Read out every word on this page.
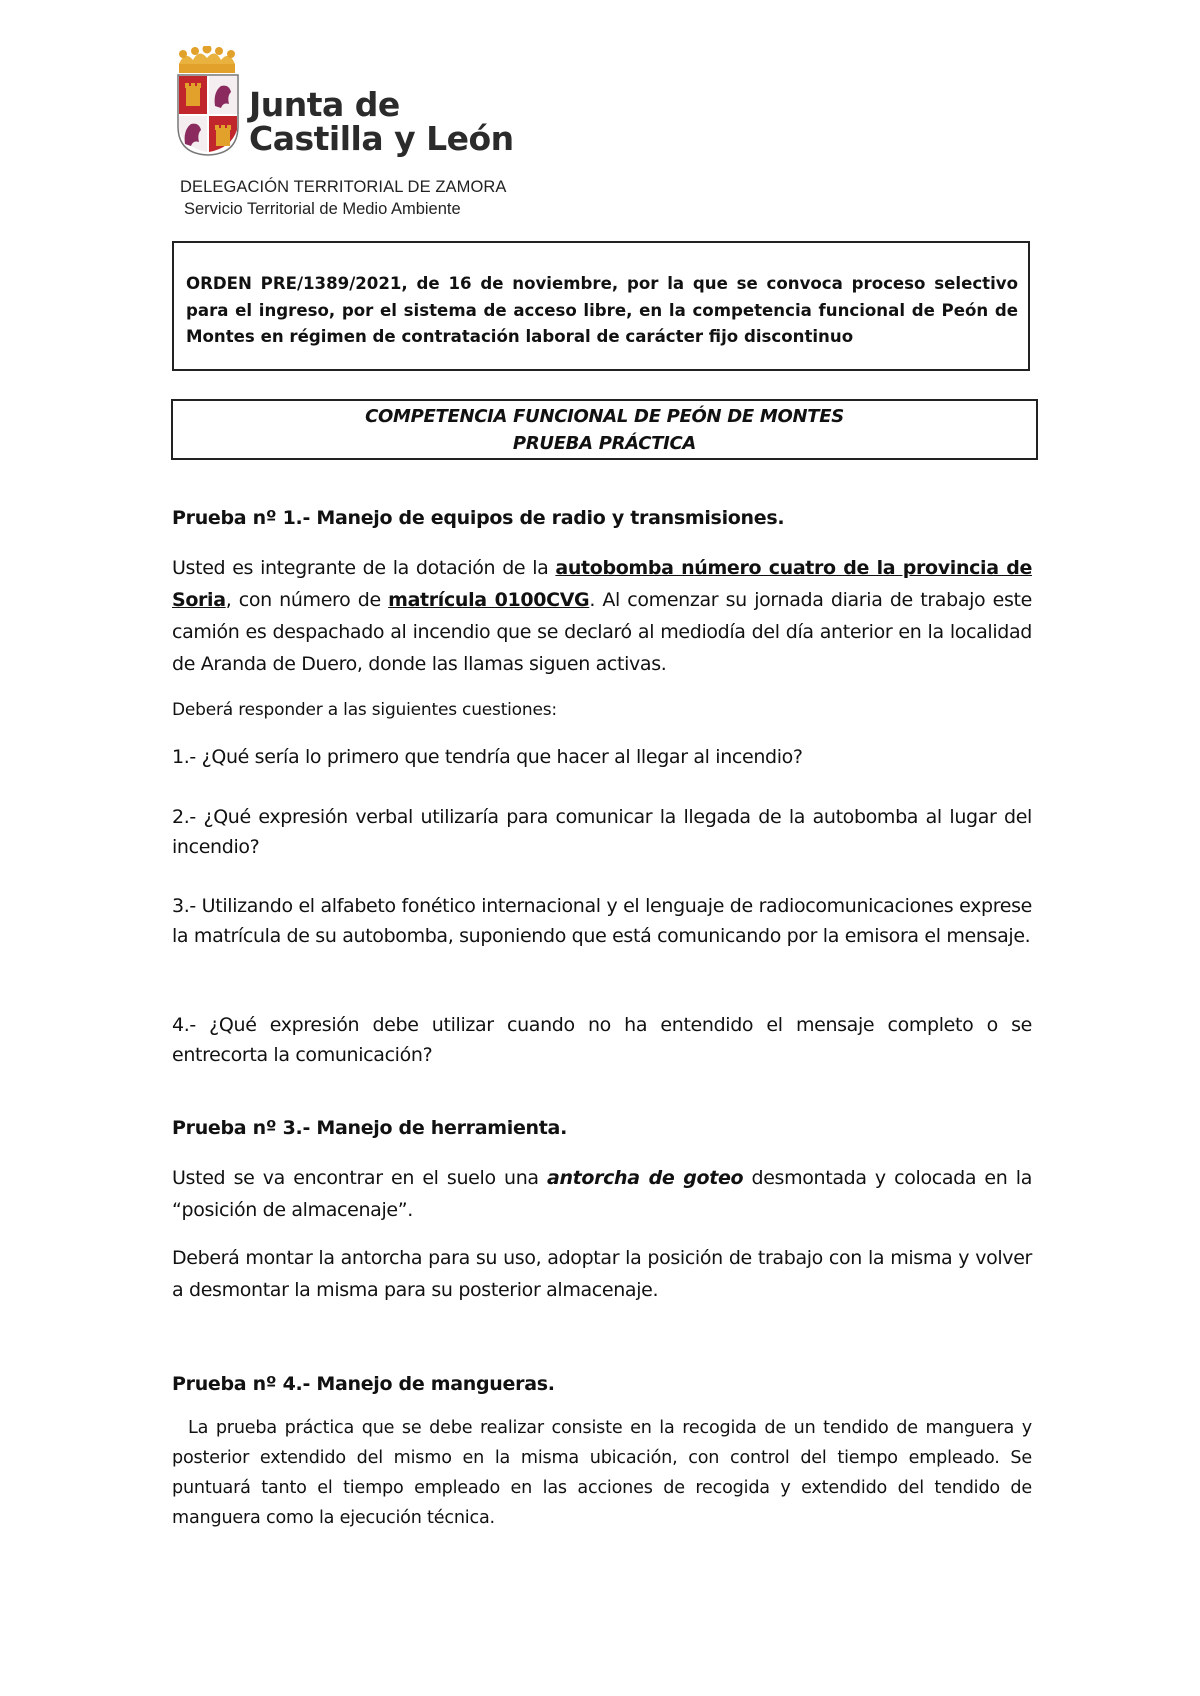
Junta de
Castilla y León
DELEGACIÓN TERRITORIAL DE ZAMORA
Servicio Territorial de Medio Ambiente
ORDEN PRE/1389/2021, de 16 de noviembre, por la que se convoca proceso selectivo para el ingreso, por el sistema de acceso libre, en la competencia funcional de Peón de Montes en régimen de contratación laboral de carácter fijo discontinuo
COMPETENCIA FUNCIONAL DE PEÓN DE MONTES
PRUEBA PRÁCTICA
Prueba nº 1.- Manejo de equipos de radio y transmisiones.

Usted es integrante de la dotación de la autobomba número cuatro de la provincia de Soria, con número de matrícula 0100CVG. Al comenzar su jornada diaria de trabajo este camión es despachado al incendio que se declaró al mediodía del día anterior en la localidad de Aranda de Duero, donde las llamas siguen activas.

Deberá responder a las siguientes cuestiones:

1.- ¿Qué sería lo primero que tendría que hacer al llegar al incendio?

2.- ¿Qué expresión verbal utilizaría para comunicar la llegada de la autobomba al lugar del incendio?

3.- Utilizando el alfabeto fonético internacional y el lenguaje de radiocomunicaciones exprese la matrícula de su autobomba, suponiendo que está comunicando por la emisora el mensaje.

4.- ¿Qué expresión debe utilizar cuando no ha entendido el mensaje completo o se entrecorta la comunicación?

Prueba nº 3.- Manejo de herramienta.

Usted se va encontrar en el suelo una antorcha de goteo desmontada y colocada en la “posición de almacenaje”.

Deberá montar la antorcha para su uso, adoptar la posición de trabajo con la misma y volver a desmontar la misma para su posterior almacenaje.

Prueba nº 4.- Manejo de mangueras.

La prueba práctica que se debe realizar consiste en la recogida de un tendido de manguera y posterior extendido del mismo en la misma ubicación, con control del tiempo empleado. Se puntuará tanto el tiempo empleado en las acciones de recogida y extendido del tendido de manguera como la ejecución técnica.
